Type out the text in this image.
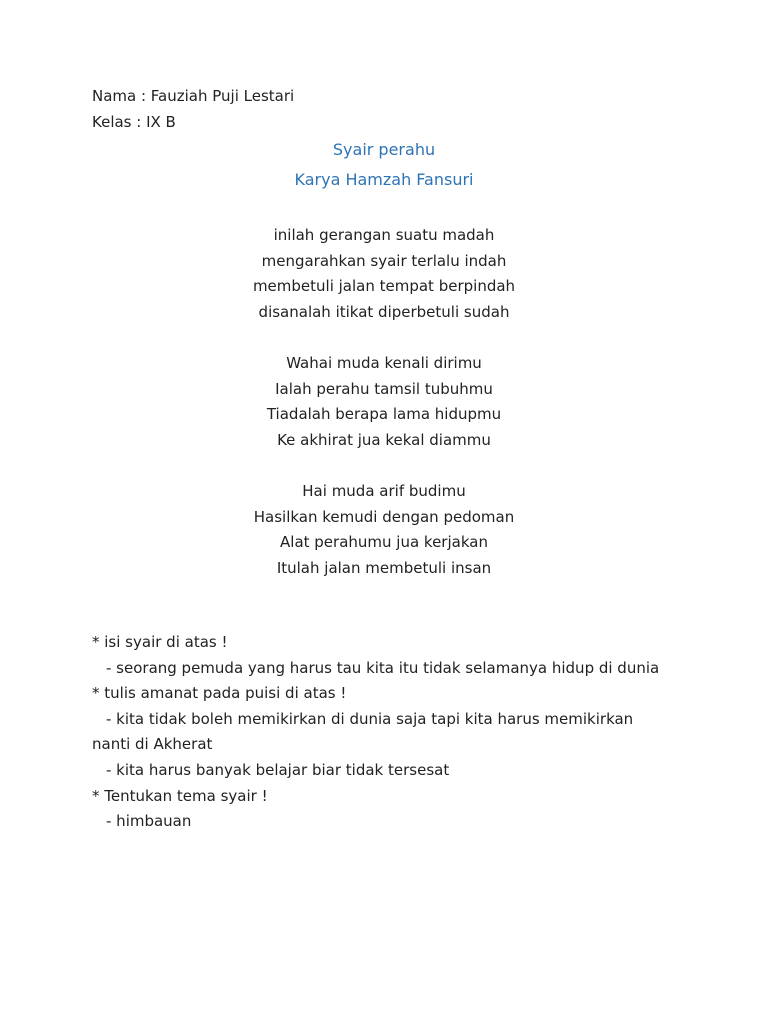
Nama : Fauziah Puji Lestari
Kelas : IX B
Syair perahu
Karya Hamzah Fansuri
inilah gerangan suatu madah
mengarahkan syair terlalu indah
membetuli jalan tempat berpindah
disanalah itikat diperbetuli sudah
Wahai muda kenali dirimu
Ialah perahu tamsil tubuhmu
Tiadalah berapa lama hidupmu
Ke akhirat jua kekal diammu
Hai muda arif budimu
Hasilkan kemudi dengan pedoman
Alat perahumu jua kerjakan
Itulah jalan membetuli insan
* isi syair di atas !
- seorang pemuda yang harus tau kita itu tidak selamanya hidup di dunia
* tulis amanat pada puisi di atas !
- kita tidak boleh memikirkan di dunia saja tapi kita harus memikirkan nanti di Akherat
- kita harus banyak belajar biar tidak tersesat
* Tentukan tema syair !
- himbauan
